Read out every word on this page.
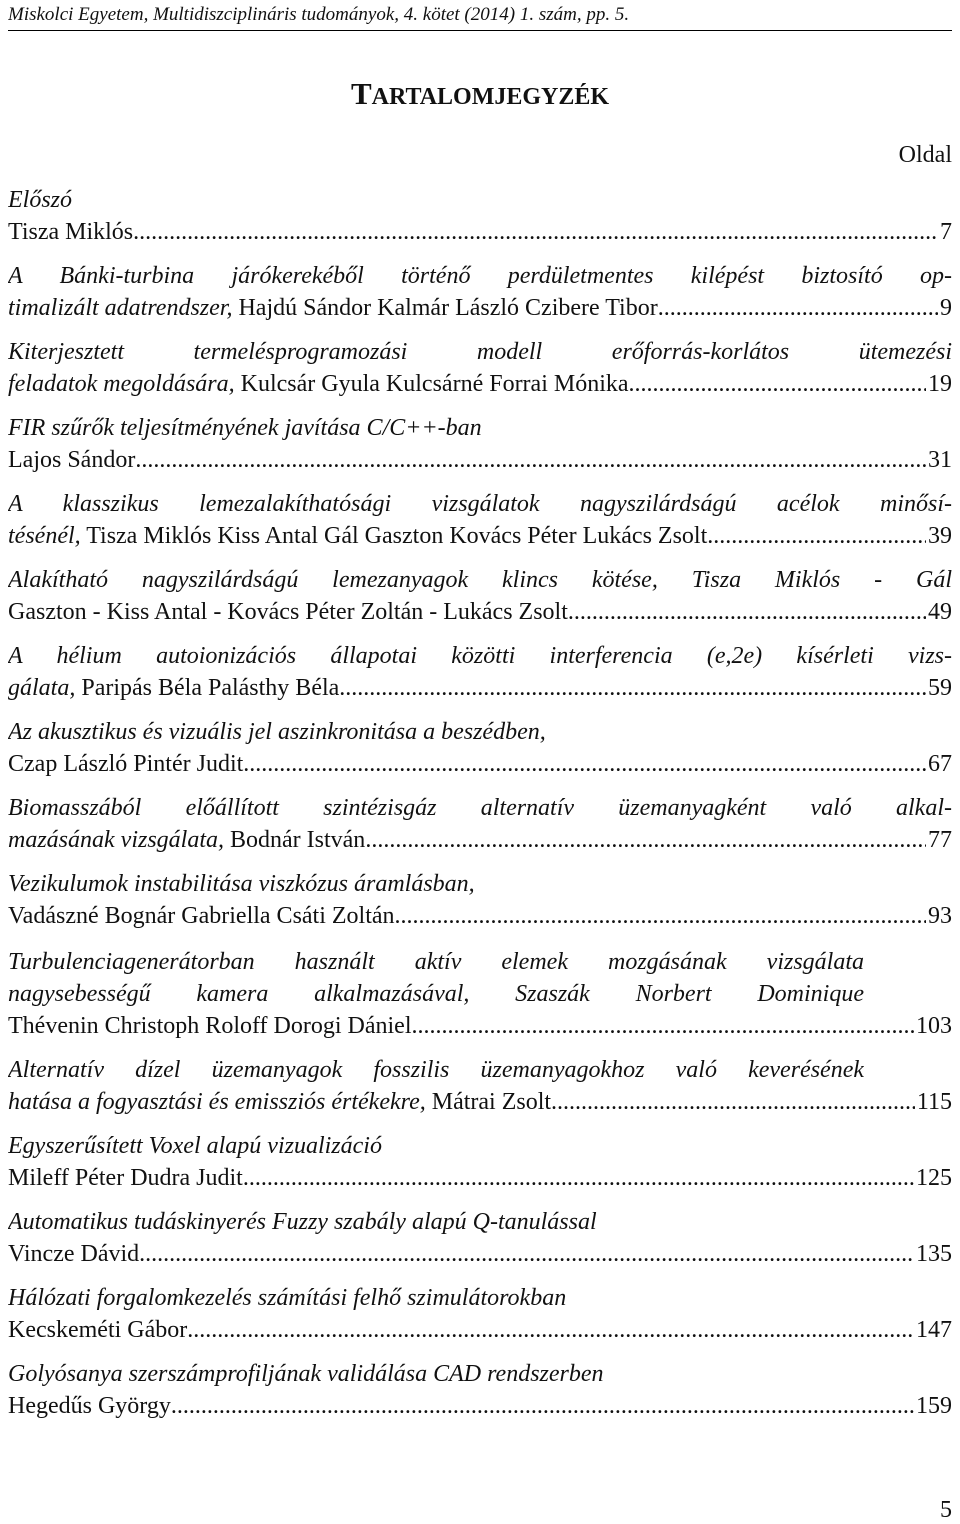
Miskolci Egyetem, Multidiszciplináris tudományok, 4. kötet (2014) 1. szám, pp. 5.
TARTALOMJEGYZÉK
Oldal
Előszó
Tisza Miklós .....	7
A Bánki-turbina járókerekéből történő perdületmentes kilépést biztosító op-
timalizált adatrendszer, Hajdú Sándor Kalmár László Czibere Tibor .....	9
Kiterjesztett termelésprogramozási modell erőforrás-korlátos ütemezési
feladatok megoldására, Kulcsár Gyula Kulcsárné Forrai Mónika .....	19
FIR szűrők teljesítményének javítása C/C++-ban
Lajos Sándor .....	31
A klasszikus lemezalakíthatósági vizsgálatok nagyszilárdságú acélok minősí-
tésénél, Tisza Miklós Kiss Antal Gál Gaszton Kovács Péter Lukács Zsolt .....	39
Alakítható nagyszilárdságú lemezanyagok klincs kötése, Tisza Miklós - Gál
Gaszton - Kiss Antal - Kovács Péter Zoltán - Lukács Zsolt .....	49
A hélium autoionizációs állapotai közötti interferencia (e,2e) kísérleti vizs-
gálata, Paripás Béla Palásthy Béla .....	59
Az akusztikus és vizuális jel aszinkronitása a beszédben,
Czap László Pintér Judit .....	67
Biomasszából előállított szintézisgáz alternatív üzemanyagként való alkal-
mazásának vizsgálata, Bodnár István .....	77
Vezikulumok instabilitása viszkózus áramlásban,
Vadászné Bognár Gabriella Csáti Zoltán .....	93
Turbulenciagenerátorban használt aktív elemek mozgásának vizsgálata
nagysebességű kamera alkalmazásával, Szaszák Norbert Dominique
Thévenin Christoph Roloff Dorogi Dániel .....	103
Alternatív dízel üzemanyagok fosszilis üzemanyagokhoz való keverésének
hatása a fogyasztási és emissziós értékekre, Mátrai Zsolt .....	115
Egyszerűsített Voxel alapú vizualizáció
Mileff Péter Dudra Judit .....	125
Automatikus tudáskinyerés Fuzzy szabály alapú Q-tanulással
Vincze Dávid .....	135
Hálózati forgalomkezelés számítási felhő szimulátorokban
Kecskeméti Gábor .....	147
Golyósanya szerszámprofiljának validálása CAD rendszerben
Hegedűs György .....	159
5
